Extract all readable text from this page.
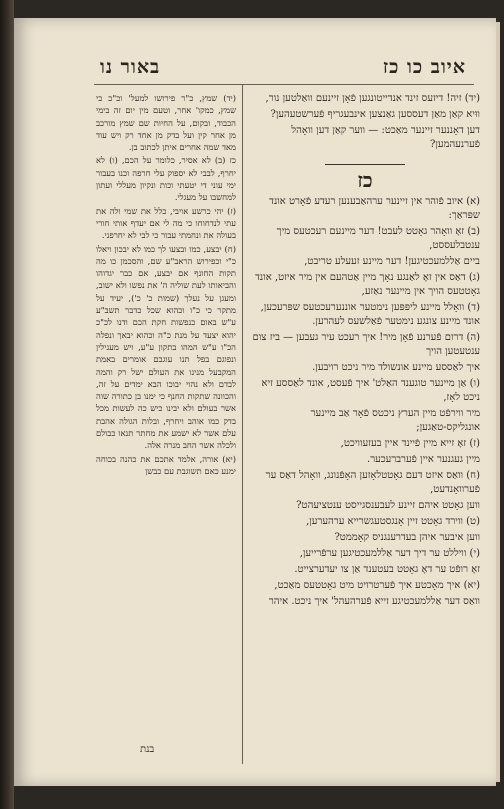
איוב כו כז
באור נו

(יד) זיה! דיזעס זינד אנדייטונגען פֿאָן זיינעם וואַלטען נור,

ווּיא קאַן מאַן דעססען גאַנצען אינבעגריף פֿערשטעהען?

דען דאָננער זיינער מאַכט: — ווער קאַן דען וואָהל פֿערנעהמען?

כז

(א) איוב פֿוהר אין זיינער ערהאַבענען רעדע פֿאָרט אונד שפּראַך:

(ב) זאָ וואָהר גאָטט לעבט! דער מיינעם רעכטעס מיך ענטבלעססט,

ביים אַללמעכטיגען! דער מיינע זעעלע טריבט,

(ג) דאַס אין זאָ לאַנגע נאָך מיין אַטהעם אין מיר איזט, אונד גאָטטעס הויך אין מיינער נאַזע,

(ד) וואָלל מיינע ליפּפּען נימטער אוננערעכטעס שפּרעכען, אונד מיינע צונגע נימטער פֿאַלשעס לעהרען.

(ה) דרום פֿערנע פֿאָן מיר! איך רעכט עיר געבען — ביז צום ענטעטען הויך

איך לאַססע מיינע אונשולד מיר ניכט רויבען.

(ו) אַן מיינער טוגענד האַלט' איך פֿעסט, אונד לאַססע זיא ניכט לאָז,

מיר ווירפֿט מיין הערץ ניכטס פֿאָר אַב מיינער אונגליקס-טאַגען;

(ז) זאָ זייא מיין פֿיינד איין בעזעוויכט,

מיין געגנער איין פֿערברעכער.

(ח) וואַס איזט דעם גאָטטלאָזען האָפֿנונג, וואָהל דאַס ער פֿערוואָנדעט,

ווען גאָטט איהם זיינע לעבענסגייסט ענטציעהט?

(ט) ווירד גאָטט זיין אָנגסטעגשרייא ערהערען,

ווען איבער איהן בעדרענגניס קאָממט?

(י) וויללט ער דיך דער אַללמעכטיגען ערפֿרייען,

זאָ רופֿט ער דאָ גאָטט בעטענד אַן צו יעדערצייט.

(יא) איך מאָכטע איך פֿערטרויט מיט גאָטטעס מאַכט,

וואַס דער אַללמעכטיגע זייא פֿערהעהל' איך ניכט. איהר

(יד) שמץ, כ"ר פירושו למעל' וכ"כ כי שמץ, כמקו' אחר, וטעם מין יום זה בימי הכבוד, ובקום, על החיות שם שמץ מורכב מן אחר קין ועל בדק מן אחד רק ויש עוד מאד שמה אחרים איתן לכתוב בן.

כז (ב) לא אסיר, כלומר על הכם, (ו) לא יחרף, לבבי לא יספוק עלי חרפה וכנו בעבור ימי עוני די יטעתי וכות ונקיון מעללי ועתון למחשבו על מעגלי.

(ז) יהי כרשע אויבי, כלל את שמי ולה את עתי לנדחוחו כי מה לי אם יעדף אותי חורי בעולה את ונחמתי עבור כי לבי לא יחרפני.

(ח) יבצע, כמו ובצעו לך כמו לא יבכון ויאלו כ"י וכפירוש הראב"ע שם, והסכמן כו מה תקות החונף אם יבצע, אם כבר יגדוהו והביאותו לעת שוליה ה' את נפשו ולא ישוב, ומעגן על נעלך (שמות כ' כ'), יעיד על מתקר כי כ"ו וכהוא שכל כדבר תשב"ע ע"ש באום כנפשות חקת הכם ודנו לכ"כ יהוא יצעד על מנת כ"ה וכהוא יבאך ונפלה הכ"ו ע"ש המהו בתקון ע"ע, ויש מענילין ונפוגם בפל תנו עוגבם אומרים באמת המקבעל מנינו את העולם ישל רק והמה לבדם ולא נהוי יבוכו הבא ימדים על זה, והכוונה שתקות החנף כי ימנו בן כתורה שוה אשר בעולם ולא יבינו כיש כה לעשות מכל בדק כמו אוהב ויחרף, ובלות הגולה אהבת עלם אשר לא ישמע את מחתר תנאו כבולם ולכלה אשר החב מנרה אלה.

(יא) אורה, אלמד אתכם את כהנה בכוחה ימנע כאם תשוגבת עם כבשן

בנת
